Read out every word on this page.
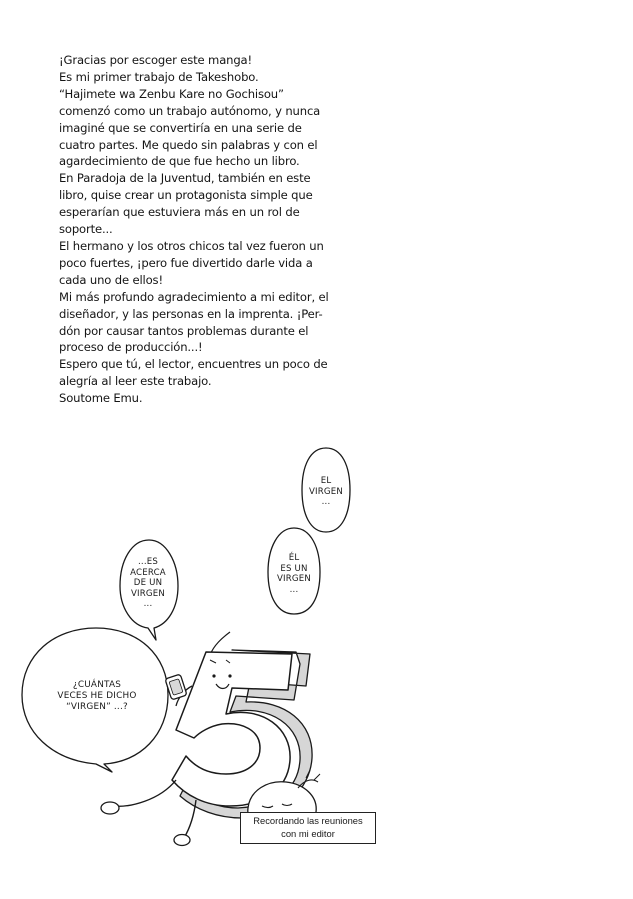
¡Gracias por escoger este manga!
Es mi primer trabajo de Takeshobo.
“Hajimete wa Zenbu Kare no Gochisou”
comenzó como un trabajo autónomo, y nunca
imaginé que se convertiría en una serie de
cuatro partes. Me quedo sin palabras y con el
agardecimiento de que fue hecho un libro.
En Paradoja de la Juventud, también en este
libro, quise crear un protagonista simple que
esperarían que estuviera más en un rol de
soporte...
El hermano y los otros chicos tal vez fueron un
poco fuertes, ¡pero fue divertido darle vida a
cada uno de ellos!
Mi más profundo agradecimiento a mi editor, el
diseñador, y las personas en la imprenta. ¡Per-
dón por causar tantos problemas durante el
proceso de producción...!
Espero que tú, el lector, encuentres un poco de
alegría al leer este trabajo.
Soutome Emu.
EL
VIRGEN
...
ÉL
ES UN
VIRGEN
...
...ES
ACERCA
DE UN
VIRGEN
...
¿CUÁNTAS
VECES HE DICHO
“VIRGEN” ...?
Recordando las reuniones
con mi editor
